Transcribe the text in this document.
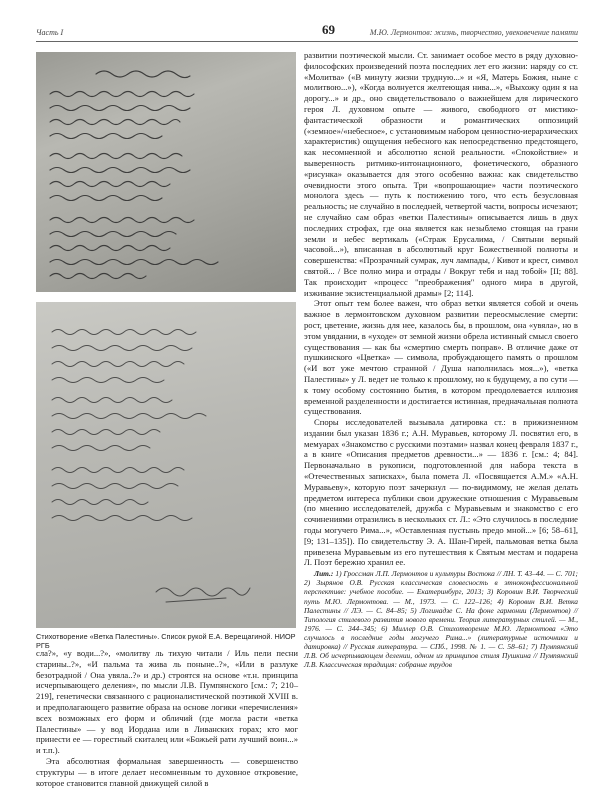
Часть I	69	М.Ю. Лермонтов: жизнь, творчество, увековечение памяти
Стихотворение «Ветка Палестины». Список рукой Е.А. Верещагиной. НИОР РГБ

сла?», «у води...?», «молитву ль тихую читали / Иль пели песни старины..?», «И пальма та жива ль поныне..?», «Или в разлуке безотрадной / Она увяла..?» и др.) строятся на основе «т.н. принципа исчерпывающего деления», по мысли Л.В. Пумпянского [см.: 7; 210–219], генетически связанного с рационалистической поэтикой XVIII в. и предполагающего развитие образа на основе логики «перечисления» всех возможных его форм и обличий (где могла расти «ветка Палестины» — у вод Иордана или в Ливанских горах; кто мог принести ее — горестный скиталец или «Божьей рати лучший воин...» и т.п.).

Эта абсолютная формальная завершенность — совершенство структуры — в итоге делает несомненным то духовное откровение, которое становится главной движущей силой в

развитии поэтической мысли. Ст. занимает особое место в ряду духовно-философских произведений поэта последних лет его жизни: наряду со ст. «Молитва» («В минуту жизни трудную...» и «Я, Матерь Божия, ныне с молитвою...»), «Когда волнуется желтеющая нива...», «Выхожу один я на дорогу...» и др., оно свидетельствовало о важнейшем для лирического героя Л. духовном опыте — живого, свободного от мистико-фантастической образности и романтических оппозиций («земное»/«небесное», с установимым набором ценностно-иерархических характеристик) ощущения небесного как непосредственно предстоящего, как несомненной и абсолютно ясной реальности. «Спокойствие» и выверенность ритмико-интонационного, фонетического, образного «рисунка» оказывается для этого особенно важна: как свидетельство очевидности этого опыта. Три «вопрошающие» части поэтического монолога здесь — путь к постижению того, что есть безусловная реальность; не случайно в последней, четвертой части, вопросы исчезают; не случайно сам образ «ветки Палестины» описывается лишь в двух последних строфах, где она является как незыблемо стоящая на грани земли и небес вертикаль («Страж Ерусалима, / Святыни верный часовой...»), вписанная в абсолютный круг Божественной полноты и совершенства: «Прозрачный сумрак, луч лампады, / Кивот и крест, символ святой... / Все полно мира и отрады / Вокруг тебя и над тобой» [II; 88]. Так происходит «процесс "преображения" одного мира в другой, изживание экзистенциальной драмы» [2; 114].

Этот опыт тем более важен, что образ ветки является собой и очень важное в лермонтовском духовном развитии переосмысление смерти: рост, цветение, жизнь для нее, казалось бы, в прошлом, она «увяла», но в этом увядании, в «уходе» от земной жизни обрела истинный смысл своего существования — как бы «смертию смерть поправ». В отличие даже от пушкинского «Цветка» — символа, пробуждающего память о прошлом («И вот уже мечтою странной / Душа наполнилась моя...»), «ветка Палестины» у Л. ведет не только к прошлому, но к будущему, а по сути — к тому особому состоянию бытия, в котором преодолевается иллюзия временной разделенности и достигается истинная, предначальная полнота существования.

Споры исследователей вызывала датировка ст.: в прижизненном издании был указан 1836 г.; А.Н. Муравьев, которому Л. посвятил его, в мемуарах «Знакомство с русскими поэтами» назвал конец февраля 1837 г., а в книге «Описания предметов древности...» — 1836 г. [см.: 4; 84]. Первоначально в рукописи, подготовленной для набора текста в «Отечественных записках», была помета Л. «Посвящается А.М.» «А.Н. Муравьеву», которую поэт зачеркнул — по-видимому, не желая делать предметом интереса публики свои дружеские отношения с Муравьевым (по мнению исследователей, дружба с Муравьевым и знакомство с его сочинениями отразились в нескольких ст. Л.: «Это случилось в последние годы могучего Рима...», «Оставленная пустынь предо мной...» [6; 58–61], [9; 131–135]). По свидетельству Э. А. Шан-Гирей, пальмовая ветка была привезена Муравьевым из его путешествия к Святым местам и подарена Л. Поэт бережно хранил ее.

Лит.: 1) Гроссман Л.П. Лермонтов и культуры Востока // ЛН. Т. 43–44. — С. 701; 2) Зырянов О.В. Русская классическая словесность в этноконфессиональной перспективе: учебное пособие. — Екатеринбург, 2013; 3) Коровин В.И. Творческий путь М.Ю. Лермонтова. — М., 1973. — С. 122–126; 4) Коровин В.И. Ветка Палестины // ЛЭ. — С. 84–85; 5) Логинадзе С. На фоне гармонии (Лермонтов) // Типология стилевого развития нового времени. Теория литературных стилей. — М., 1976. — С. 344–345; 6) Миллер О.В. Стихотворение М.Ю. Лермонтова «Это случилось в последние годы могучего Рима...» (литературные источники и датировка) // Русская литература. — СПб., 1998. № 1. — С. 58–61; 7) Пумпянский Л.В. Об исчерпывающем делении, одном из принципов стиля Пушкина // Пумпянский Л.В. Классическая традиция: собрание трудов
